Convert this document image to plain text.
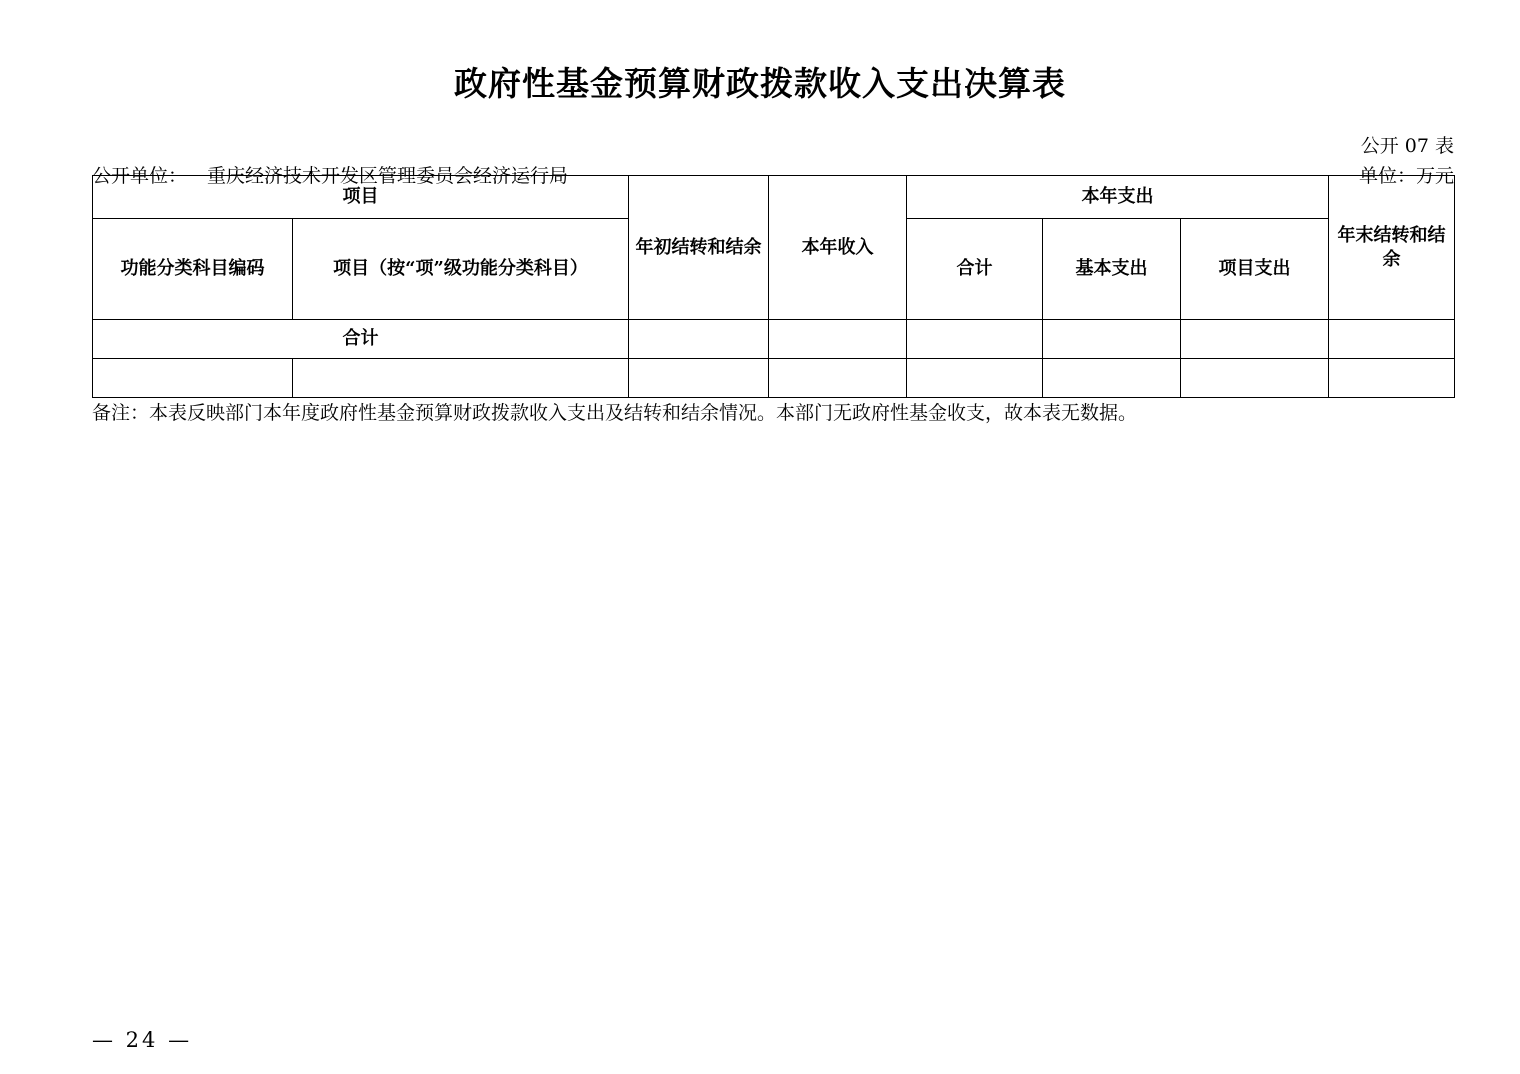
政府性基金预算财政拨款收入支出决算表
公开 07 表
公开单位： 重庆经济技术开发区管理委员会经济运行局	单位：万元
项目		年初结转和结余	本年收入	本年支出			年末结转和结余
功能分类科目编码	项目（按“项”级功能分类科目）			合计	基本支出	项目支出	
合计							

备注：本表反映部门本年度政府性基金预算财政拨款收入支出及结转和结余情况。本部门无政府性基金收支，故本表无数据。
— 24 —
